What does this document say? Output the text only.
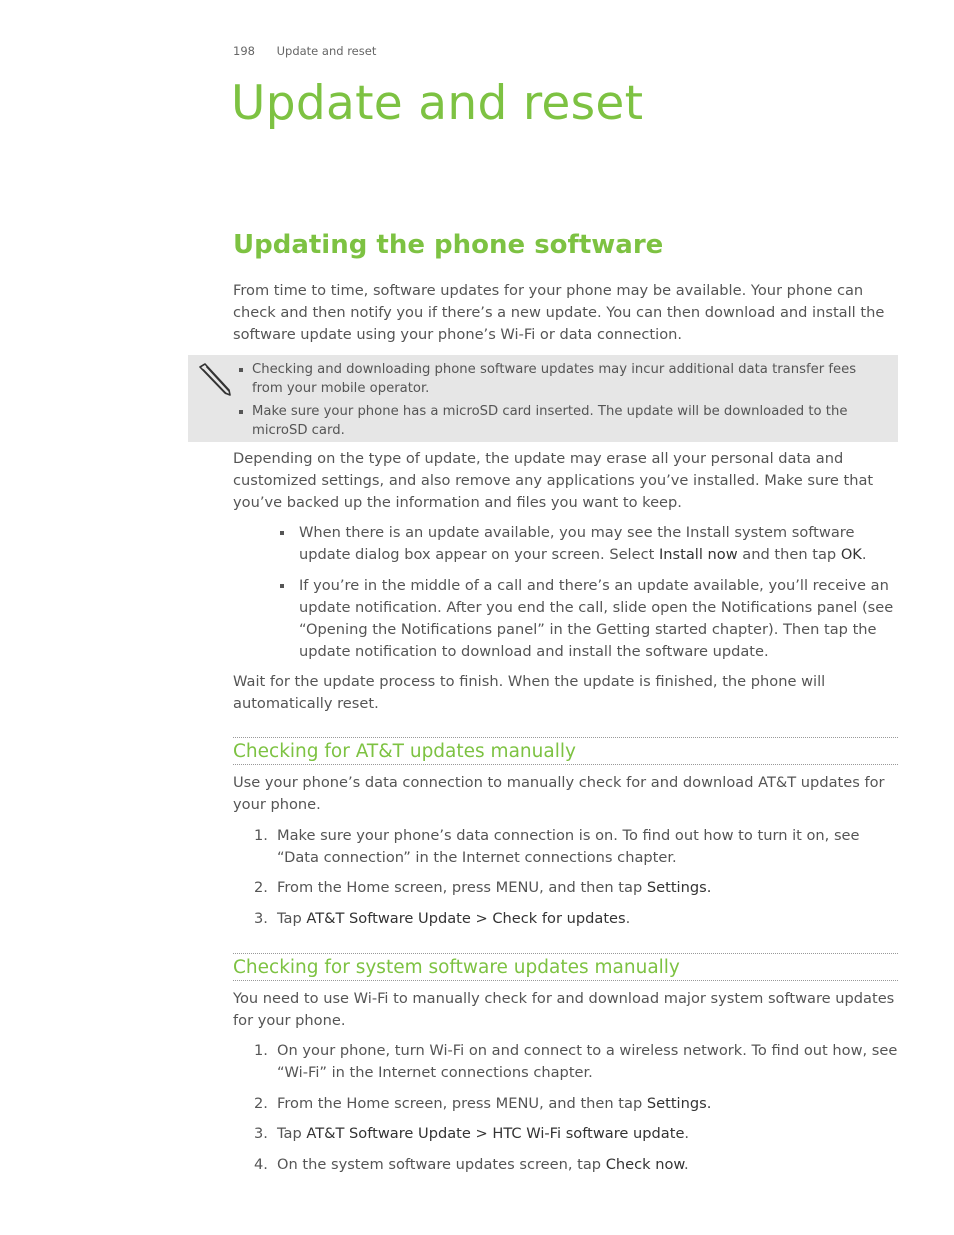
198 Update and reset
Update and reset
Updating the phone software

From time to time, software updates for your phone may be available. Your phone can check and then notify you if there’s a new update. You can then download and install the software update using your phone’s Wi-Fi or data connection.

Checking and downloading phone software updates may incur additional data transfer fees from your mobile operator.
Make sure your phone has a microSD card inserted. The update will be downloaded to the microSD card.

Depending on the type of update, the update may erase all your personal data and customized settings, and also remove any applications you’ve installed. Make sure that you’ve backed up the information and files you want to keep.

When there is an update available, you may see the Install system software update dialog box appear on your screen. Select Install now and then tap OK.
If you’re in the middle of a call and there’s an update available, you’ll receive an update notification. After you end the call, slide open the Notifications panel (see “Opening the Notifications panel” in the Getting started chapter). Then tap the update notification to download and install the software update.

Wait for the update process to finish. When the update is finished, the phone will automatically reset.

Checking for AT&T updates manually

Use your phone’s data connection to manually check for and download AT&T updates for your phone.

1. Make sure your phone’s data connection is on. To find out how to turn it on, see “Data connection” in the Internet connections chapter.
2. From the Home screen, press MENU, and then tap Settings.
3. Tap AT&T Software Update > Check for updates.
Checking for system software updates manually

You need to use Wi-Fi to manually check for and download major system software updates for your phone.

1. On your phone, turn Wi-Fi on and connect to a wireless network. To find out how, see “Wi-Fi” in the Internet connections chapter.
2. From the Home screen, press MENU, and then tap Settings.
3. Tap AT&T Software Update > HTC Wi-Fi software update.
4. On the system software updates screen, tap Check now.
